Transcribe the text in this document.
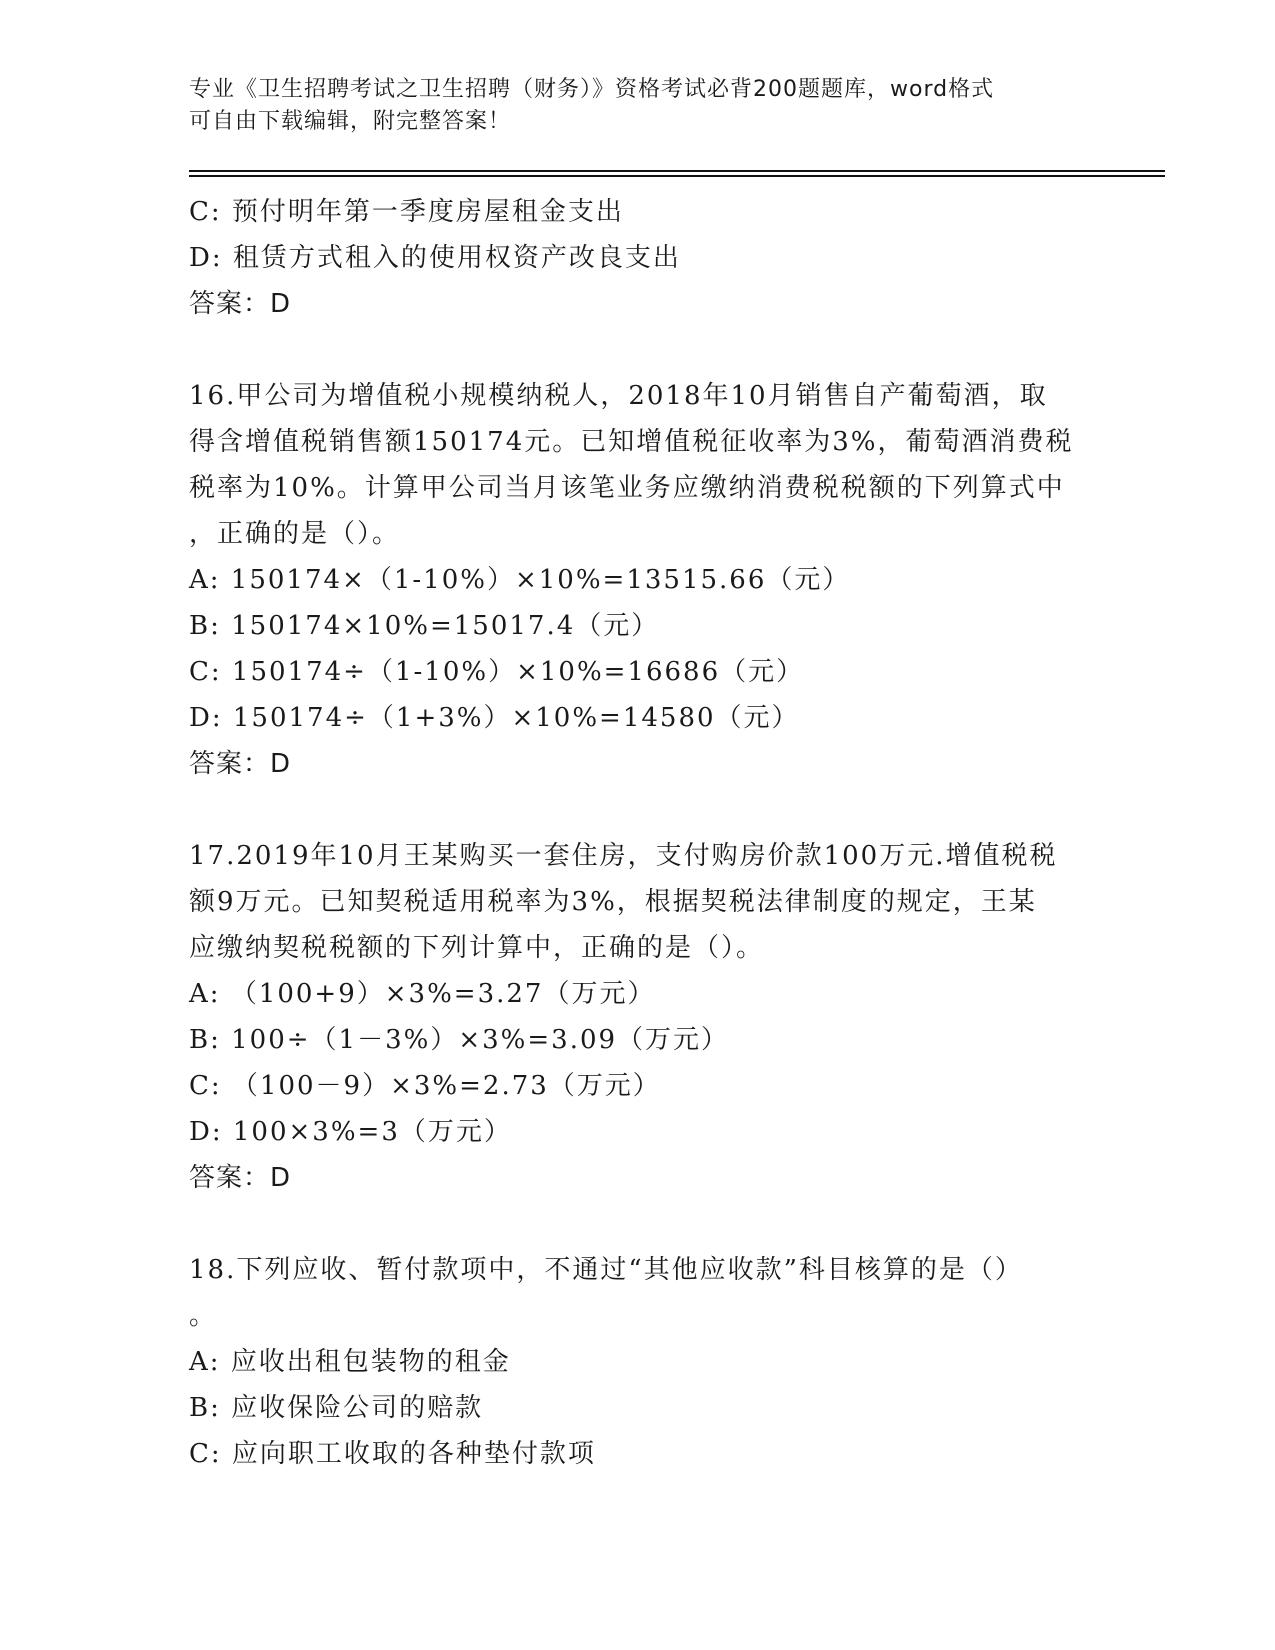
专业《卫生招聘考试之卫生招聘（财务）》资格考试必背200题题库，word格式
可自由下载编辑，附完整答案！
C: 预付明年第一季度房屋租金支出
D: 租赁方式租入的使用权资产改良支出
答案：D
16.甲公司为增值税小规模纳税人，2018年10月销售自产葡萄酒，取
得含增值税销售额150174元。已知增值税征收率为3%，葡萄酒消费税
税率为10%。计算甲公司当月该笔业务应缴纳消费税税额的下列算式中
，正确的是（）。
A: 150174×（1-10%）×10%=13515.66（元）
B: 150174×10%=15017.4（元）
C: 150174÷（1-10%）×10%=16686（元）
D: 150174÷（1+3%）×10%=14580（元）
答案：D
17.2019年10月王某购买一套住房，支付购房价款100万元.增值税税
额9万元。已知契税适用税率为3%，根据契税法律制度的规定，王某
应缴纳契税税额的下列计算中，正确的是（）。
A: （100+9）×3%=3.27（万元）
B: 100÷（1－3%）×3%=3.09（万元）
C: （100－9）×3%=2.73（万元）
D: 100×3%=3（万元）
答案：D
18.下列应收、暂付款项中，不通过“其他应收款”科目核算的是（）
。
A: 应收出租包装物的租金
B: 应收保险公司的赔款
C: 应向职工收取的各种垫付款项
